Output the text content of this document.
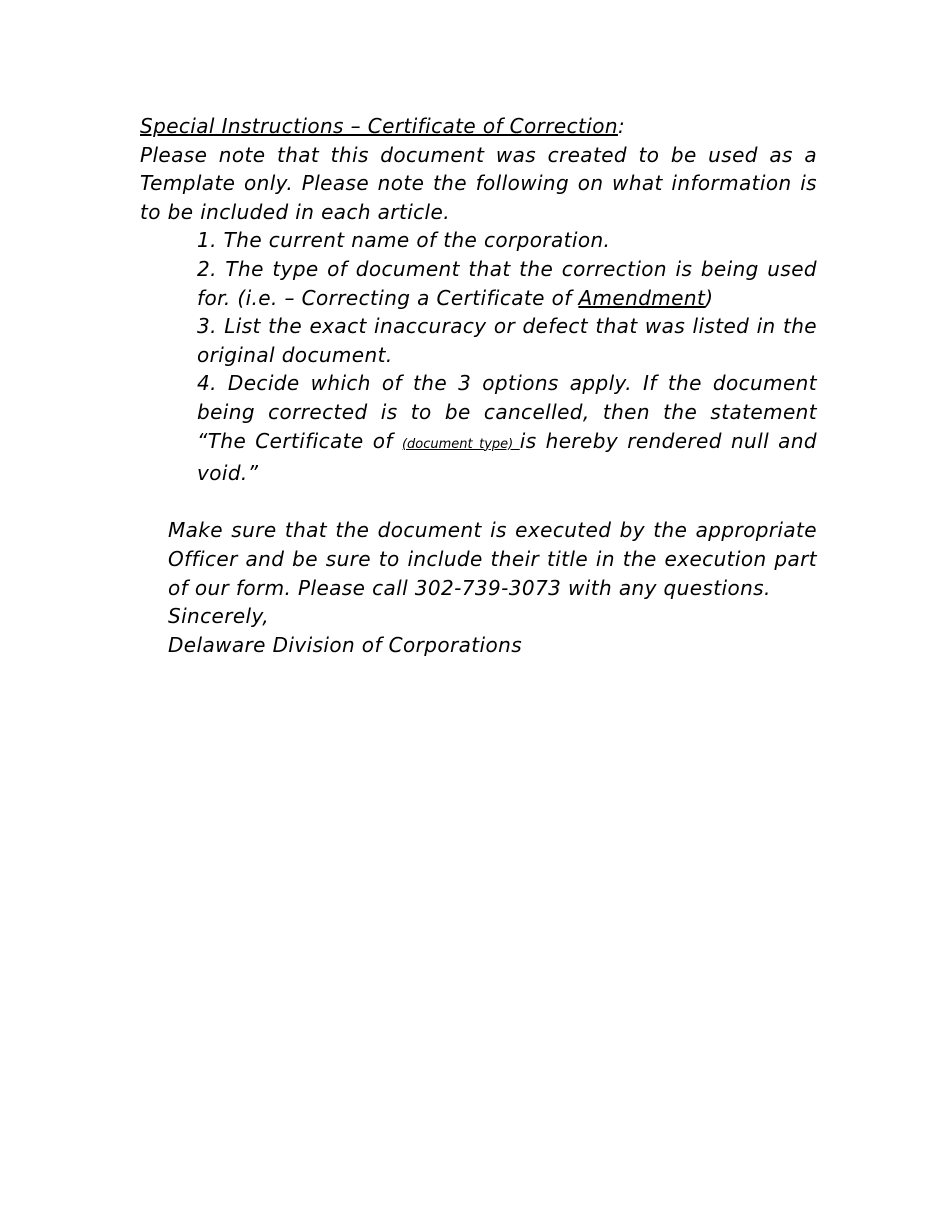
Special Instructions – Certificate of Correction:

Please note that this document was created to be used as a Template only. Please note the following on what information is to be included in each article.

1. The current name of the corporation.
2. The type of document that the correction is being used for. (i.e. – Correcting a Certificate of Amendment)
3. List the exact inaccuracy or defect that was listed in the original document.
4. Decide which of the 3 options apply. If the document being corrected is to be cancelled, then the statement “The Certificate of (document type) is hereby rendered null and void.”

Make sure that the document is executed by the appropriate Officer and be sure to include their title in the execution part of our form. Please call 302-739-3073 with any questions.

Sincerely,

Delaware Division of Corporations
